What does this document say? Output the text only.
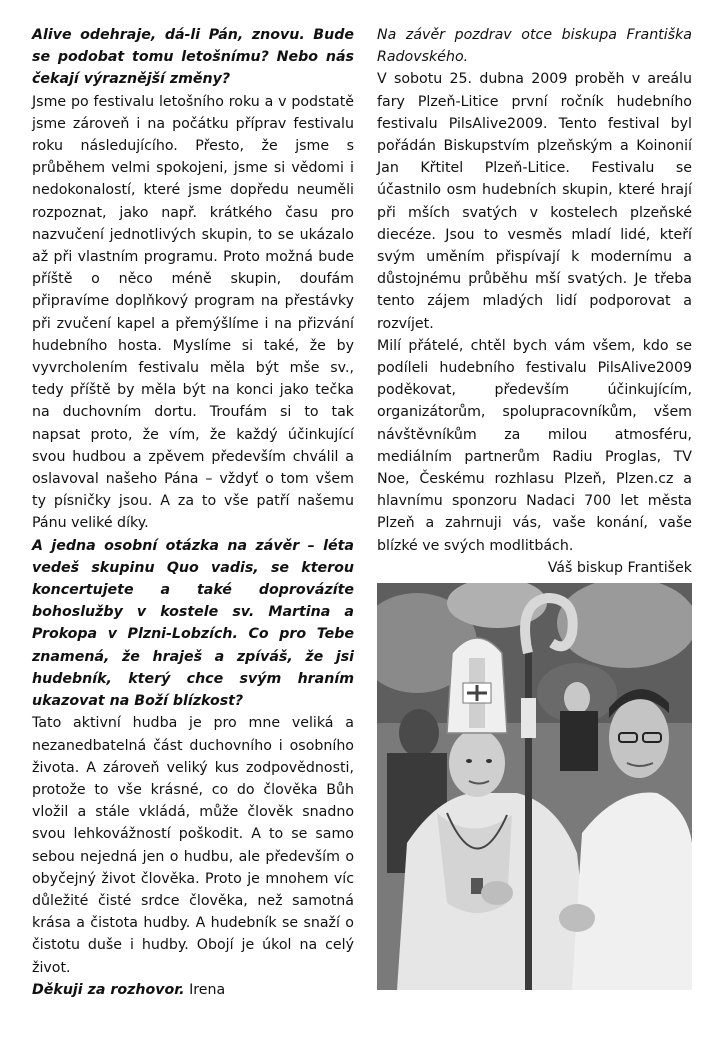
Alive odehraje, dá-li Pán, znovu. Bude se podobat tomu letošnímu? Nebo nás čekají výraznější změny?

Jsme po festivalu letošního roku a v podstatě jsme zároveň i na počátku příprav festivalu roku následujícího. Přesto, že jsme s průběhem velmi spokojeni, jsme si vědomi i nedokonalostí, které jsme dopředu neuměli rozpoznat, jako např. krátkého času pro nazvučení jednotlivých skupin, to se ukázalo až při vlastním programu. Proto možná bude příště o něco méně skupin, doufám připravíme doplňkový program na přestávky při zvučení kapel a přemýšlíme i na přizvání hudebního hosta. Myslíme si také, že by vyvrcholením festivalu měla být mše sv., tedy příště by měla být na konci jako tečka na duchovním dortu. Troufám si to tak napsat proto, že vím, že každý účinkující svou hudbou a zpěvem především chválil a oslavoval našeho Pána – vždyť o tom všem ty písničky jsou. A za to vše patří našemu Pánu veliké díky.

A jedna osobní otázka na závěr – léta vedeš skupinu Quo vadis, se kterou koncertujete a také doprovázíte bohoslužby v kostele sv. Martina a Prokopa v Plzni-Lobzích. Co pro Tebe znamená, že hraješ a zpíváš, že jsi hudebník, který chce svým hraním ukazovat na Boží blízkost?

Tato aktivní hudba je pro mne veliká a nezanedbatelná část duchovního i osobního života. A zároveň veliký kus zodpovědnosti, protože to vše krásné, co do člověka Bůh vložil a stále vkládá, může člověk snadno svou lehkovážností poškodit. A to se samo sebou nejedná jen o hudbu, ale především o obyčejný život člověka. Proto je mnohem víc důležité čisté srdce člověka, než samotná krása a čistota hudby. A hudebník se snaží o čistotu duše i hudby. Obojí je úkol na celý život.

Děkuji za rozhovor. Irena

Na závěr pozdrav otce biskupa Františka Radovského.

V sobotu 25. dubna 2009 proběh v areálu fary Plzeň-Litice první ročník hudebního festivalu PilsAlive2009. Tento festival byl pořádán Biskupstvím plzeňským a Koinonií Jan Křtitel Plzeň-Litice. Festivalu se účastnilo osm hudebních skupin, které hrají při mších svatých v kostelech plzeňské diecéze. Jsou to vesměs mladí lidé, kteří svým uměním přispívají k modernímu a důstojnému průběhu mší svatých. Je třeba tento zájem mladých lidí podporovat a rozvíjet.

Milí přátelé, chtěl bych vám všem, kdo se podíleli hudebního festivalu PilsAlive2009 poděkovat, především účinkujícím, organizátorům, spolupracovníkům, všem návštěvníkům za milou atmosféru, mediálním partnerům Radiu Proglas, TV Noe, Českému rozhlasu Plzeň, Plzen.cz a hlavnímu sponzoru Nadaci 700 let města Plzeň a zahrnuji vás, vaše konání, vaše blízké ve svých modlitbách.

Váš biskup František
